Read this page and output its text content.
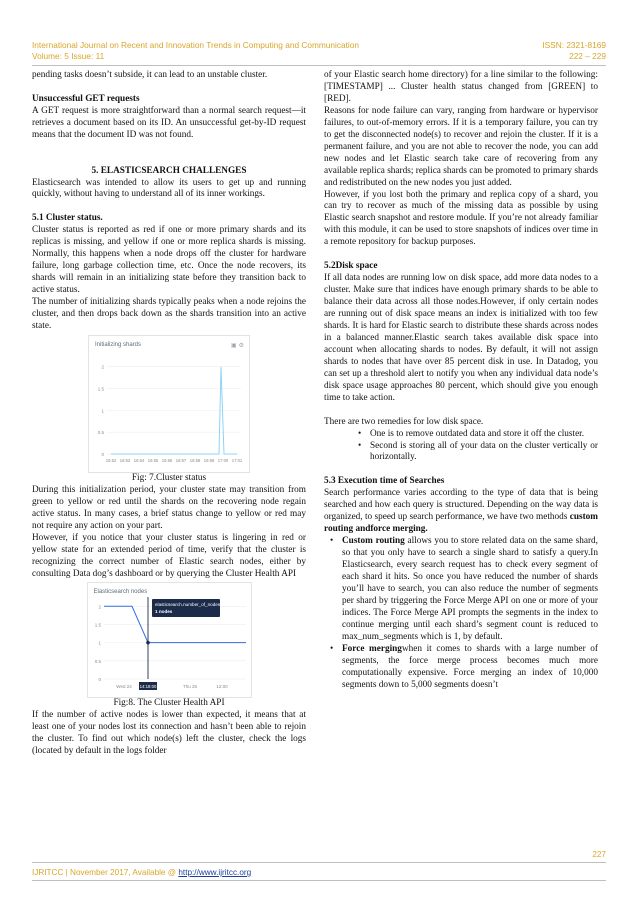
International Journal on Recent and Innovation Trends in Computing and Communication	ISSN: 2321-8169
Volume: 5 Issue: 11	222 – 229

pending tasks doesn’t subside, it can lead to an unstable cluster.

Unsuccessful GET requests

A GET request is more straightforward than a normal search request—it retrieves a document based on its ID. An unsuccessful get-by-ID request means that the document ID was not found.

5. ELASTICSEARCH CHALLENGES

Elasticsearch was intended to allow its users to get up and running quickly, without having to understand all of its inner workings.

5.1 Cluster status.

Cluster status is reported as red if one or more primary shards and its replicas is missing, and yellow if one or more replica shards is missing. Normally, this happens when a node drops off the cluster for hardware failure, long garbage collection time, etc. Once the node recovers, its shards will remain in an initializing state before they transition back to active status.

The number of initializing shards typically peaks when a node rejoins the cluster, and then drops back down as the shards transition into an active state.

2
1.5
1
0.5
0
16:52 16:53 16:54 16:55 16:56 16:57 16:58 16:59 17:00 17:01
Initializing shards	▣ ⚙

Fig: 7.Cluster status

During this initialization period, your cluster state may transition from green to yellow or red until the shards on the recovering node regain active status. In many cases, a brief status change to yellow or red may not require any action on your part.

However, if you notice that your cluster status is lingering in red or yellow state for an extended period of time, verify that the cluster is recognizing the correct number of Elastic search nodes, either by consulting Data dog’s dashboard or by querying the Cluster Health API

2
1.5
1
0.5
0
Wed 24	Thu 25	12:00
14:18:00
elasticsearch.number_of_nodes
1 nodes
Elasticsearch nodes

Fig:8. The Cluster Health API

If the number of active nodes is lower than expected, it means that at least one of your nodes lost its connection and hasn’t been able to rejoin the cluster. To find out which node(s) left the cluster, check the logs (located by default in the logs folder

of your Elastic search home directory) for a line similar to the following:[TIMESTAMP] ... Cluster health status changed from [GREEN] to [RED].

Reasons for node failure can vary, ranging from hardware or hypervisor failures, to out-of-memory errors. If it is a temporary failure, you can try to get the disconnected node(s) to recover and rejoin the cluster. If it is a permanent failure, and you are not able to recover the node, you can add new nodes and let Elastic search take care of recovering from any available replica shards; replica shards can be promoted to primary shards and redistributed on the new nodes you just added.

However, if you lost both the primary and replica copy of a shard, you can try to recover as much of the missing data as possible by using Elastic search snapshot and restore module. If you’re not already familiar with this module, it can be used to store snapshots of indices over time in a remote repository for backup purposes.

5.2Disk space

If all data nodes are running low on disk space, add more data nodes to a cluster. Make sure that indices have enough primary shards to be able to balance their data across all those nodes.However, if only certain nodes are running out of disk space means an index is initialized with too few shards. It is hard for Elastic search to distribute these shards across nodes in a balanced manner.Elastic search takes available disk space into account when allocating shards to nodes. By default, it will not assign shards to nodes that have over 85 percent disk in use. In Datadog, you can set up a threshold alert to notify you when any individual data node’s disk space usage approaches 80 percent, which should give you enough time to take action.

There are two remedies for low disk space.

• One is to remove outdated data and store it off the cluster.
• Second is storing all of your data on the cluster vertically or horizontally.
5.3 Execution time of Searches

Search performance varies according to the type of data that is being searched and how each query is structured. Depending on the way data is organized, to speed up search performance, we have two methods custom routing andforce merging.

• Custom routing allows you to store related data on the same shard, so that you only have to search a single shard to satisfy a query.In Elasticsearch, every search request has to check every segment of each shard it hits. So once you have reduced the number of shards you’ll have to search, you can also reduce the number of segments per shard by triggering the Force Merge API on one or more of your indices. The Force Merge API prompts the segments in the index to continue merging until each shard’s segment count is reduced to max_num_segments which is 1, by default.
• Force mergingwhen it comes to shards with a large number of segments, the force merge process becomes much more computationally expensive. Force merging an index of 10,000 segments down to 5,000 segments doesn’t
227
IJRITCC | November 2017, Available @ http://www.ijritcc.org
